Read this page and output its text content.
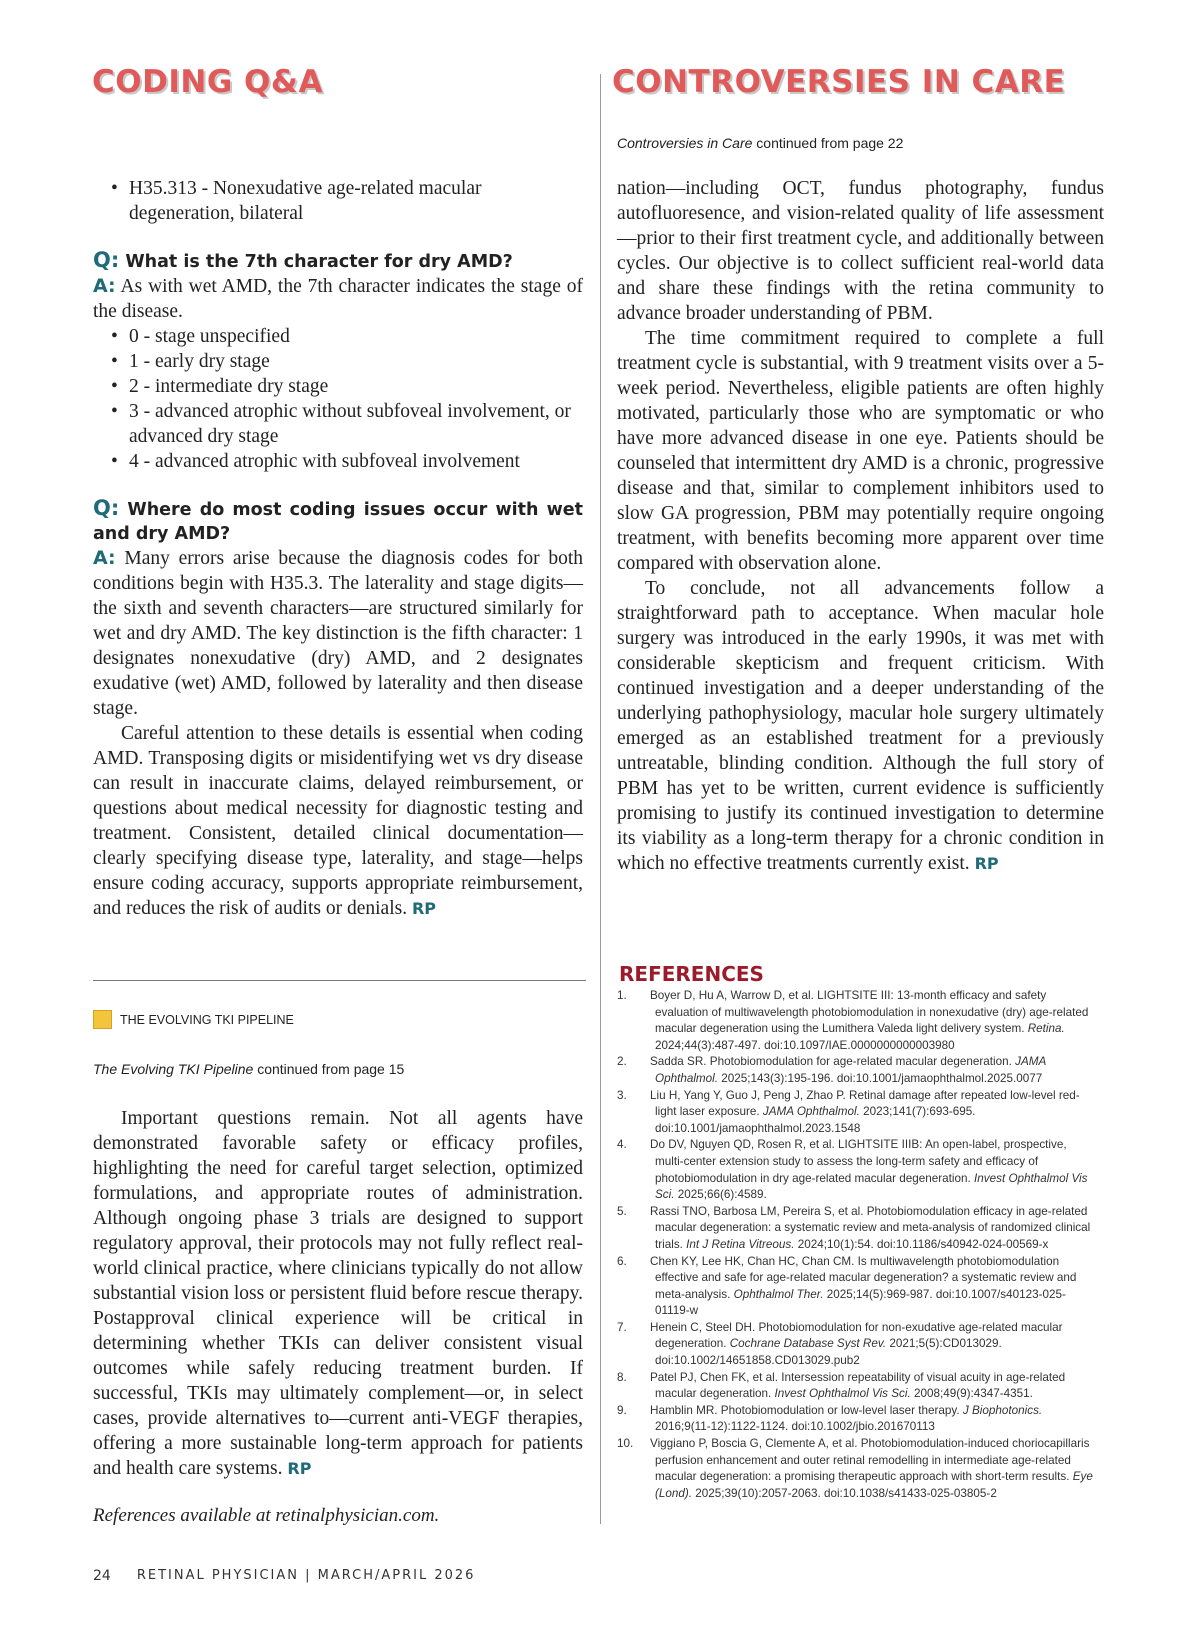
CODING Q&A	CONTROVERSIES IN CARE
• H35.313 - Nonexudative age-related macular degeneration, bilateral

Q: What is the 7th character for dry AMD?

A: As with wet AMD, the 7th character indicates the stage of the disease.

• 0 - stage unspecified
• 1 - early dry stage
• 2 - intermediate dry stage
• 3 - advanced atrophic without subfoveal involvement, or advanced dry stage
• 4 - advanced atrophic with subfoveal involvement

Q: Where do most coding issues occur with wet and dry AMD?

A: Many errors arise because the diagnosis codes for both conditions begin with H35.3. The laterality and stage digits—the sixth and seventh characters—are structured similarly for wet and dry AMD. The key distinction is the fifth character: 1 designates nonexudative (dry) AMD, and 2 designates exudative (wet) AMD, followed by laterality and then disease stage.

Careful attention to these details is essential when coding AMD. Transposing digits or misidentifying wet vs dry disease can result in inaccurate claims, delayed reimbursement, or questions about medical necessity for diagnostic testing and treatment. Consistent, detailed clinical documentation—clearly specifying disease type, laterality, and stage—helps ensure coding accuracy, supports appropriate reimbursement, and reduces the risk of audits or denials. RP

THE EVOLVING TKI PIPELINE
The Evolving TKI Pipeline continued from page 15

Important questions remain. Not all agents have demonstrated favorable safety or efficacy profiles, highlighting the need for careful target selection, optimized formulations, and appropriate routes of administration. Although ongoing phase 3 trials are designed to support regulatory approval, their protocols may not fully reflect real-world clinical practice, where clinicians typically do not allow substantial vision loss or persistent fluid before rescue therapy. Postapproval clinical experience will be critical in determining whether TKIs can deliver consistent visual outcomes while safely reducing treatment burden. If successful, TKIs may ultimately complement—or, in select cases, provide alternatives to—current anti-VEGF therapies, offering a more sustainable long-term approach for patients and health care systems. RP

References available at retinalphysician.com.
Controversies in Care continued from page 22

nation—including OCT, fundus photography, fundus autofluoresence, and vision-related quality of life assessment—prior to their first treatment cycle, and additionally between cycles. Our objective is to collect sufficient real-world data and share these findings with the retina community to advance broader understanding of PBM.

The time commitment required to complete a full treatment cycle is substantial, with 9 treatment visits over a 5-week period. Nevertheless, eligible patients are often highly motivated, particularly those who are symptomatic or who have more advanced disease in one eye. Patients should be counseled that intermittent dry AMD is a chronic, progressive disease and that, similar to complement inhibitors used to slow GA progression, PBM may potentially require ongoing treatment, with benefits becoming more apparent over time compared with observation alone.

To conclude, not all advancements follow a straightforward path to acceptance. When macular hole surgery was introduced in the early 1990s, it was met with considerable skepticism and frequent criticism. With continued investigation and a deeper understanding of the underlying pathophysiology, macular hole surgery ultimately emerged as an established treatment for a previously untreatable, blinding condition. Although the full story of PBM has yet to be written, current evidence is sufficiently promising to justify its continued investigation to determine its viability as a long-term therapy for a chronic condition in which no effective treatments currently exist. RP

REFERENCES
1. Boyer D, Hu A, Warrow D, et al. LIGHTSITE III: 13-month efficacy and safety evaluation of multiwavelength photobiomodulation in nonexudative (dry) age-related macular degeneration using the Lumithera Valeda light delivery system. Retina. 2024;44(3):487-497. doi:10.1097/IAE.0000000000003980
2. Sadda SR. Photobiomodulation for age-related macular degeneration. JAMA Ophthalmol. 2025;143(3):195-196. doi:10.1001/jamaophthalmol.2025.0077
3. Liu H, Yang Y, Guo J, Peng J, Zhao P. Retinal damage after repeated low-level red-light laser exposure. JAMA Ophthalmol. 2023;141(7):693-695. doi:10.1001/jamaophthalmol.2023.1548
4. Do DV, Nguyen QD, Rosen R, et al. LIGHTSITE IIIB: An open-label, prospective, multi-center extension study to assess the long-term safety and efficacy of photobiomodulation in dry age-related macular degeneration. Invest Ophthalmol Vis Sci. 2025;66(6):4589.
5. Rassi TNO, Barbosa LM, Pereira S, et al. Photobiomodulation efficacy in age-related macular degeneration: a systematic review and meta-analysis of randomized clinical trials. Int J Retina Vitreous. 2024;10(1):54. doi:10.1186/s40942-024-00569-x
6. Chen KY, Lee HK, Chan HC, Chan CM. Is multiwavelength photobiomodulation effective and safe for age-related macular degeneration? a systematic review and meta-analysis. Ophthalmol Ther. 2025;14(5):969-987. doi:10.1007/s40123-025-01119-w
7. Henein C, Steel DH. Photobiomodulation for non-exudative age-related macular degeneration. Cochrane Database Syst Rev. 2021;5(5):CD013029. doi:10.1002/14651858.CD013029.pub2
8. Patel PJ, Chen FK, et al. Intersession repeatability of visual acuity in age-related macular degeneration. Invest Ophthalmol Vis Sci. 2008;49(9):4347-4351.
9. Hamblin MR. Photobiomodulation or low-level laser therapy. J Biophotonics. 2016;9(11-12):1122-1124. doi:10.1002/jbio.201670113
10. Viggiano P, Boscia G, Clemente A, et al. Photobiomodulation-induced choriocapillaris perfusion enhancement and outer retinal remodelling in intermediate age-related macular degeneration: a promising therapeutic approach with short-term results. Eye (Lond). 2025;39(10):2057-2063. doi:10.1038/s41433-025-03805-2
24 RETINAL PHYSICIAN | MARCH/APRIL 2026
